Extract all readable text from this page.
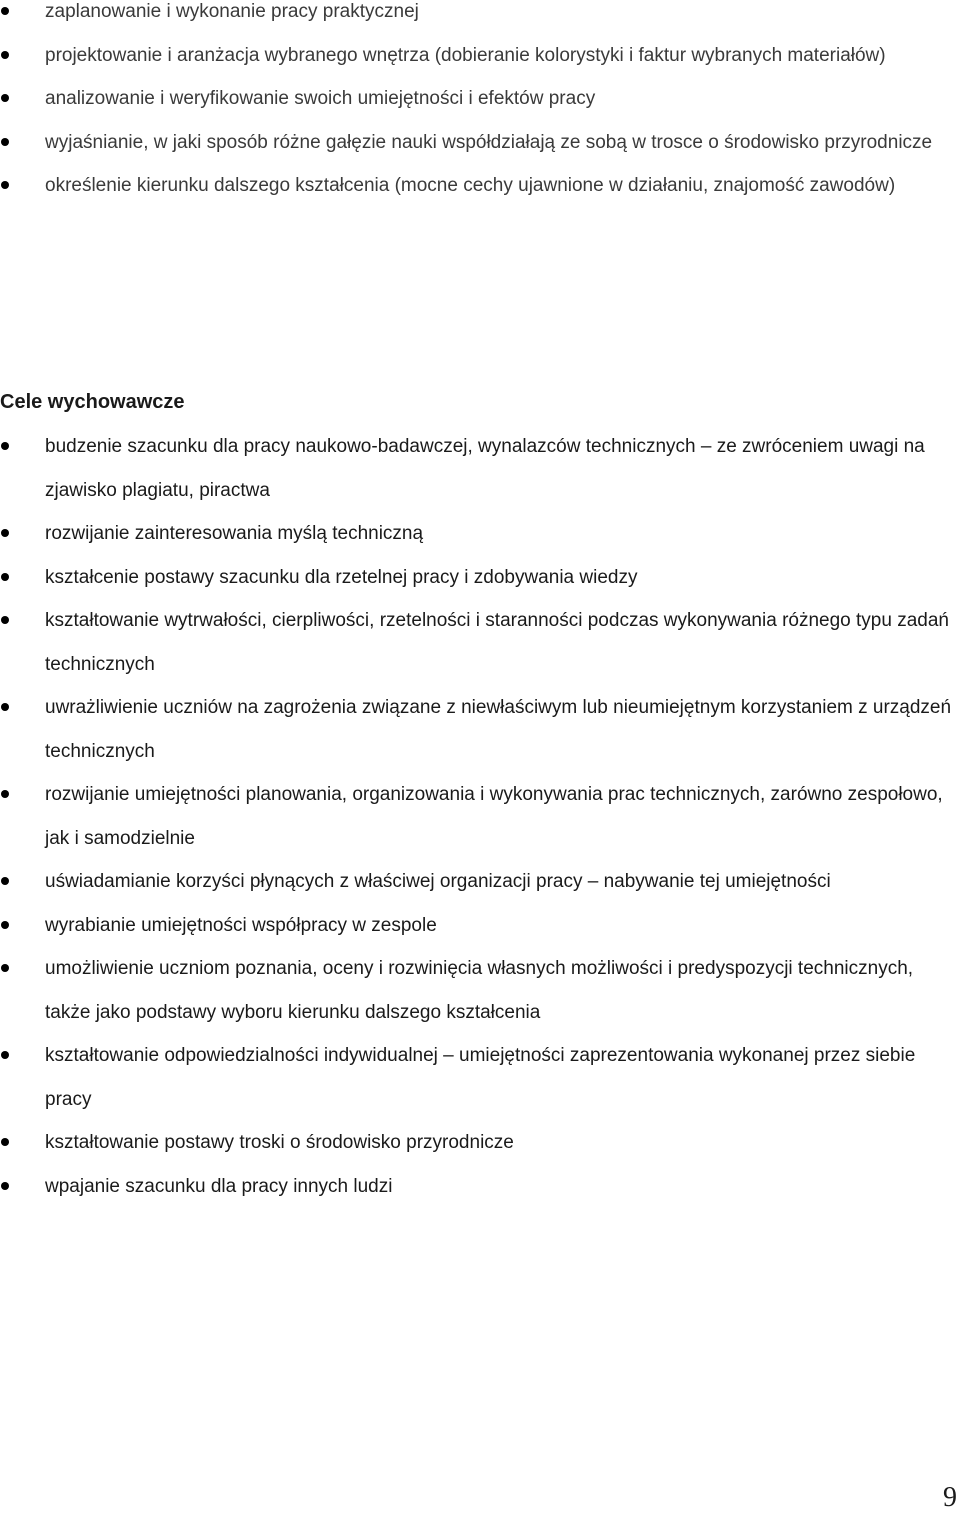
zaplanowanie i wykonanie pracy praktycznej
projektowanie i aranżacja wybranego wnętrza (dobieranie kolorystyki i faktur wybranych materiałów)
analizowanie i weryfikowanie swoich umiejętności i efektów pracy
wyjaśnianie, w jaki sposób różne gałęzie nauki współdziałają ze sobą w trosce o środowisko przyrodnicze
określenie kierunku dalszego kształcenia (mocne cechy ujawnione w działaniu, znajomość zawodów)
Cele wychowawcze
budzenie szacunku dla pracy naukowo-badawczej, wynalazców technicznych – ze zwróceniem uwagi na zjawisko plagiatu, piractwa
rozwijanie zainteresowania myślą techniczną
kształcenie postawy szacunku dla rzetelnej pracy i zdobywania wiedzy
kształtowanie wytrwałości, cierpliwości, rzetelności i staranności podczas wykonywania różnego typu zadań technicznych
uwrażliwienie uczniów na zagrożenia związane z niewłaściwym lub nieumiejętnym korzystaniem z urządzeń technicznych
rozwijanie umiejętności planowania, organizowania i wykonywania prac technicznych, zarówno zespołowo, jak i samodzielnie
uświadamianie korzyści płynących z właściwej organizacji pracy – nabywanie tej umiejętności
wyrabianie umiejętności współpracy w zespole
umożliwienie uczniom poznania, oceny i rozwinięcia własnych możliwości i predyspozycji technicznych, także jako podstawy wyboru kierunku dalszego kształcenia
kształtowanie odpowiedzialności indywidualnej – umiejętności zaprezentowania wykonanej przez siebie pracy
kształtowanie postawy troski o środowisko przyrodnicze
wpajanie szacunku dla pracy innych ludzi
9
